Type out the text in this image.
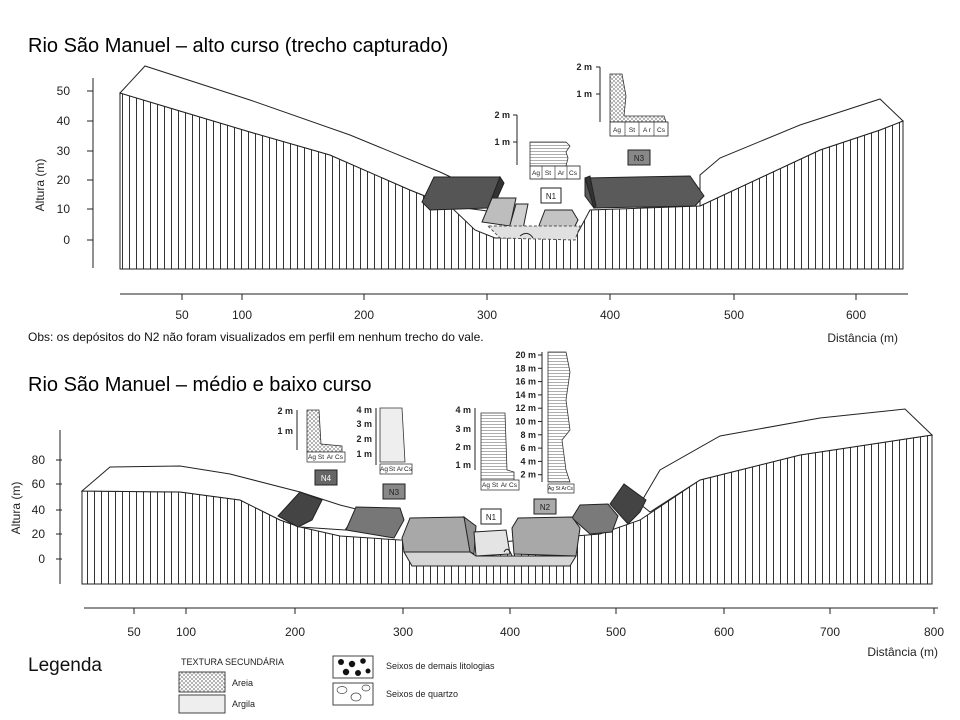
Rio São Manuel – alto curso (trecho capturado)
Rio São Manuel – médio e baixo curso
Obs: os depósitos do N2 não foram visualizados em perfil em nenhum trecho do vale.
50
40
30
20
10
0
Altura (m)
50	100	200	300	400	500	600
Distância (m)
N1
N3
2 m
1 m
Ag St Ar Cs
2 m
1 m
Ag St A r Cs
80
60
40
20
0
Altura (m)
50	100	200	300	400	500	600	700	800
Distância (m)
N4
N3
N1
N2
2 m
1 m
Ag St Ar Cs
4 m
3 m
2 m
1 m
Ag St Ar Cs
4 m
3 m
2 m
1 m
Ag St Ar Cs
20 m
18 m
16 m
14 m
12 m
10 m
8 m
6 m
4 m
2 m
Ag St Ar Cs
Legenda	TEXTURA SECUNDÁRIA
Areia
Argila
Seixos de demais litologias
Seixos de quartzo
